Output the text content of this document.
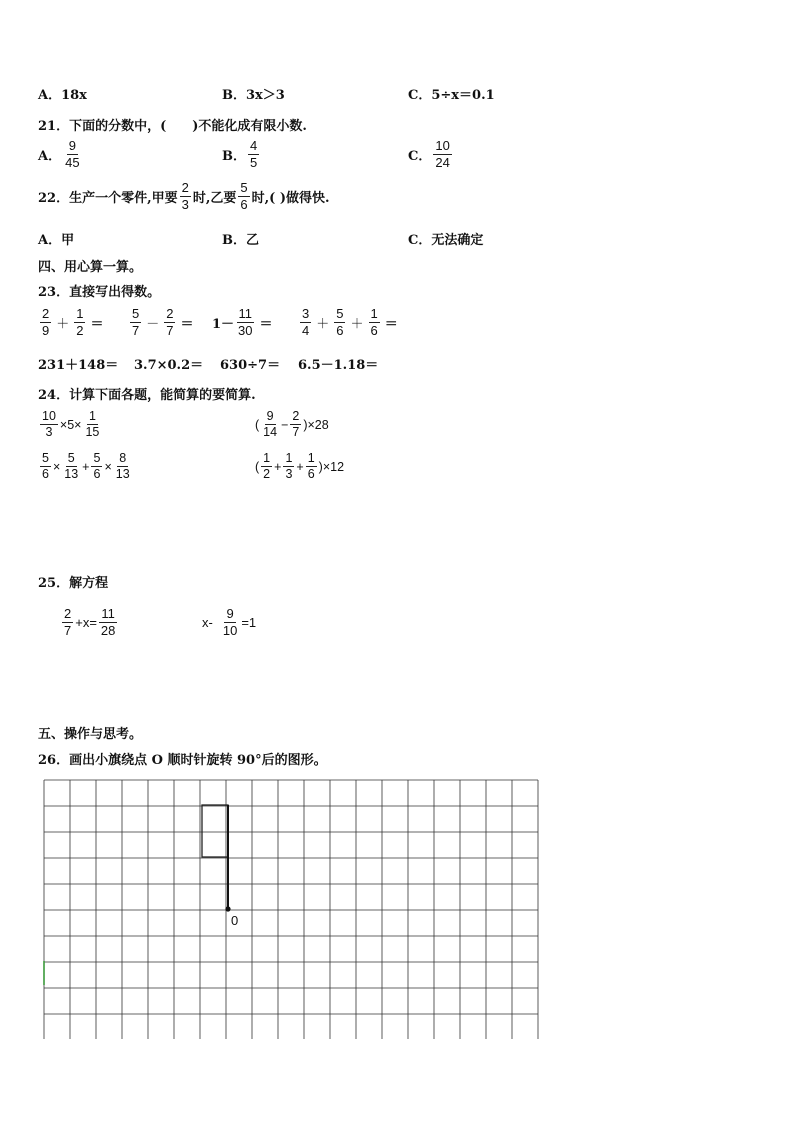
A．18x	B．3x＞3	C．5÷x＝0.1
21．下面的分数中，(　　)不能化成有限小数.
A． $\frac{9}{45}$	B． $\frac{4}{5}$	C． $\frac{10}{24}$
22．生产一个零件,甲要 $\frac{2}{3}$ 时,乙要 $\frac{5}{6}$ 时,( )做得快.
A．甲	B．乙	C．无法确定
四、用心算一算。
23．直接写出得数。
$\frac{2}{9} + \frac{1}{2} = \frac{5}{7} - \frac{2}{7} = 1- \frac{11}{30} = \frac{3}{4} + \frac{5}{6} + \frac{1}{6}$ ＝
231＋148＝ 3.7×0.2＝ 630÷7＝ 6.5－1.18＝
24．计算下面各题，能简算的要简算.
$\frac{10}{3} \times 5\times \frac{1}{15}$	( $\frac{9}{14} - \frac{2}{7} )\times 28$
$\frac{5}{6} \times \frac{5}{13} + \frac{5}{6} \times \frac{8}{13}$	( $\frac{1}{2} + \frac{1}{3} + \frac{1}{6} )\times 12$
25．解方程
$\frac{2}{7} +x= \frac{11}{28}$	$x- \frac{9}{10} =1$
五、操作与思考。
26．画出小旗绕点 O 顺时针旋转 90°后的图形。
0
